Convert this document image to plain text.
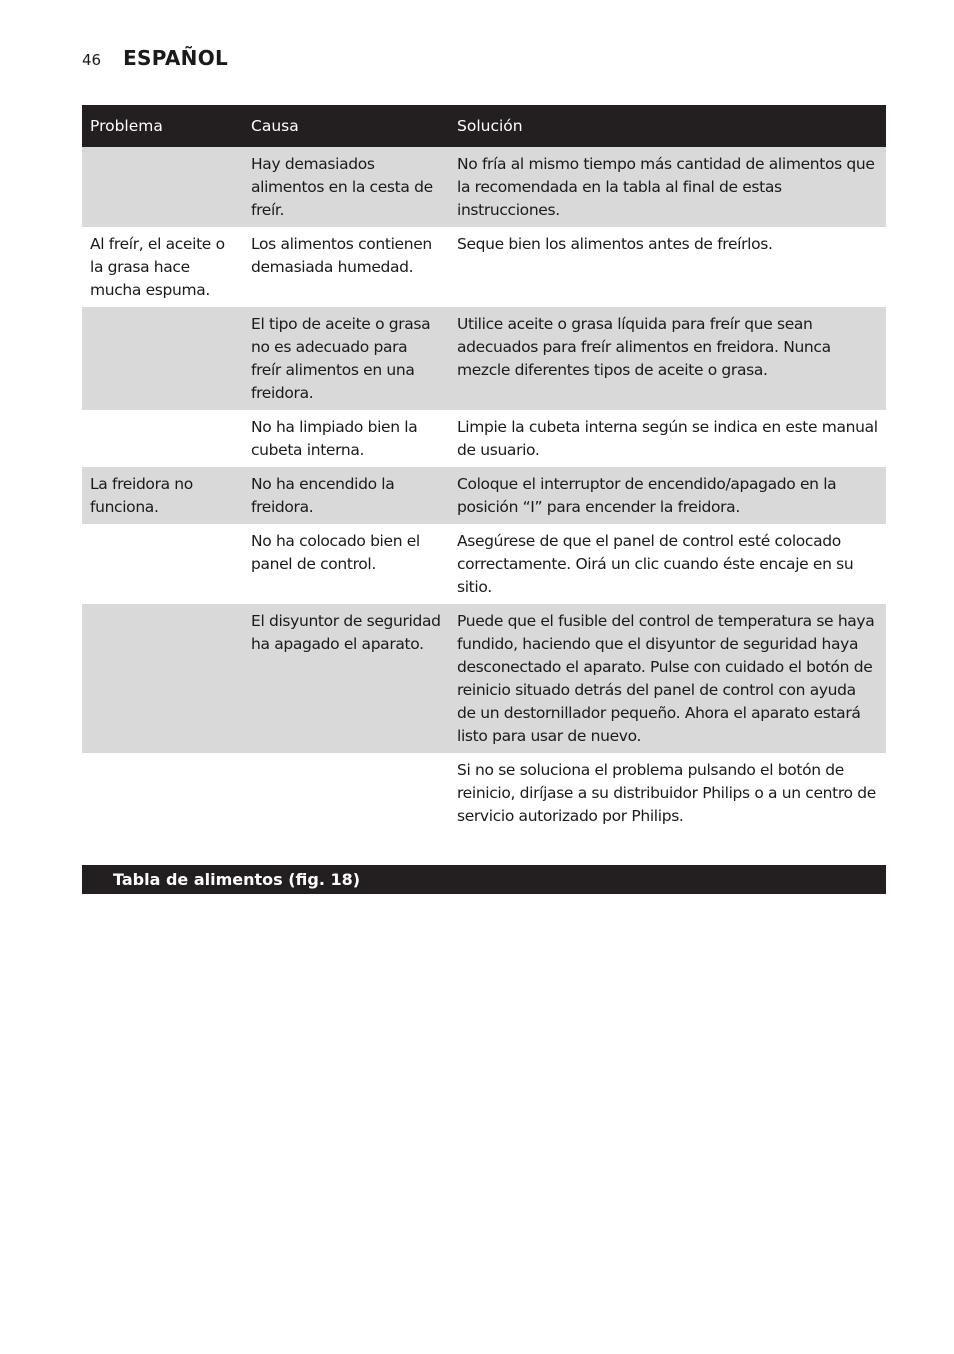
46 ESPAÑOL
Problema	Causa	Solución
	Hay demasiados alimentos en la cesta de freír.	No fría al mismo tiempo más cantidad de alimentos que la recomendada en la tabla al final de estas instrucciones.
Al freír, el aceite o la grasa hace mucha espuma.	Los alimentos contienen demasiada humedad.	Seque bien los alimentos antes de freírlos.
	El tipo de aceite o grasa no es adecuado para freír alimentos en una freidora.	Utilice aceite o grasa líquida para freír que sean adecuados para freír alimentos en freidora. Nunca mezcle diferentes tipos de aceite o grasa.
	No ha limpiado bien la cubeta interna.	Limpie la cubeta interna según se indica en este manual de usuario.
La freidora no funciona.	No ha encendido la freidora.	Coloque el interruptor de encendido/apagado en la posición “I” para encender la freidora.
	No ha colocado bien el panel de control.	Asegúrese de que el panel de control esté colocado correctamente. Oirá un clic cuando éste encaje en su sitio.
	El disyuntor de seguridad ha apagado el aparato.	Puede que el fusible del control de temperatura se haya fundido, haciendo que el disyuntor de seguridad haya desconectado el aparato. Pulse con cuidado el botón de reinicio situado detrás del panel de control con ayuda de un destornillador pequeño. Ahora el aparato estará listo para usar de nuevo.
		Si no se soluciona el problema pulsando el botón de reinicio, diríjase a su distribuidor Philips o a un centro de servicio autorizado por Philips.
Tabla de alimentos (fig. 18)
